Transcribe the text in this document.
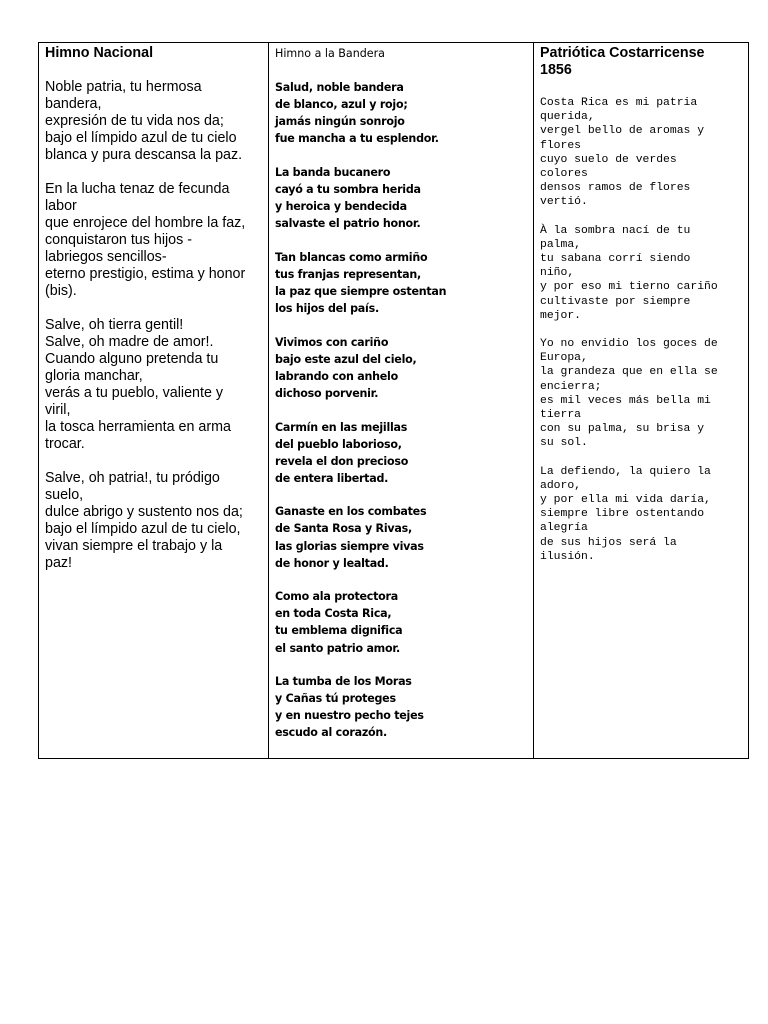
Himno Nacional
Noble patria, tu hermosa
bandera,
expresión de tu vida nos da;
bajo el límpido azul de tu cielo
blanca y pura descansa la paz.
En la lucha tenaz de fecunda
labor
que enrojece del hombre la faz,
conquistaron tus hijos -
labriegos sencillos-
eterno prestigio, estima y honor
(bis).
Salve, oh tierra gentil!
Salve, oh madre de amor!.
Cuando alguno pretenda tu
gloria manchar,
verás a tu pueblo, valiente y
viril,
la tosca herramienta en arma
trocar.
Salve, oh patria!, tu pródigo
suelo,
dulce abrigo y sustento nos da;
bajo el límpido azul de tu cielo,
vivan siempre el trabajo y la
paz!

Himno a la Bandera
Salud, noble bandera
de blanco, azul y rojo;
jamás ningún sonrojo
fue mancha a tu esplendor.
La banda bucanero
cayó a tu sombra herida
y heroica y bendecida
salvaste el patrio honor.
Tan blancas como armiño
tus franjas representan,
la paz que siempre ostentan
los hijos del país.
Vivimos con cariño
bajo este azul del cielo,
labrando con anhelo
dichoso porvenir.
Carmín en las mejillas
del pueblo laborioso,
revela el don precioso
de entera libertad.
Ganaste en los combates
de Santa Rosa y Rivas,
las glorias siempre vivas
de honor y lealtad.
Como ala protectora
en toda Costa Rica,
tu emblema dignifica
el santo patrio amor.
La tumba de los Moras
y Cañas tú proteges
y en nuestro pecho tejes
escudo al corazón.

Patriótica Costarricense
1856
Costa Rica es mi patria
querida,
vergel bello de aromas y
flores
cuyo suelo de verdes
colores
densos ramos de flores
vertió.
À la sombra nací de tu
palma,
tu sabana corrí siendo
niño,
y por eso mi tierno cariño
cultivaste por siempre
mejor.
Yo no envidio los goces de
Europa,
la grandeza que en ella se
encierra;
es mil veces más bella mi
tierra
con su palma, su brisa y
su sol.
La defiendo, la quiero la
adoro,
y por ella mi vida daría,
siempre libre ostentando
alegría
de sus hijos será la
ilusión.
